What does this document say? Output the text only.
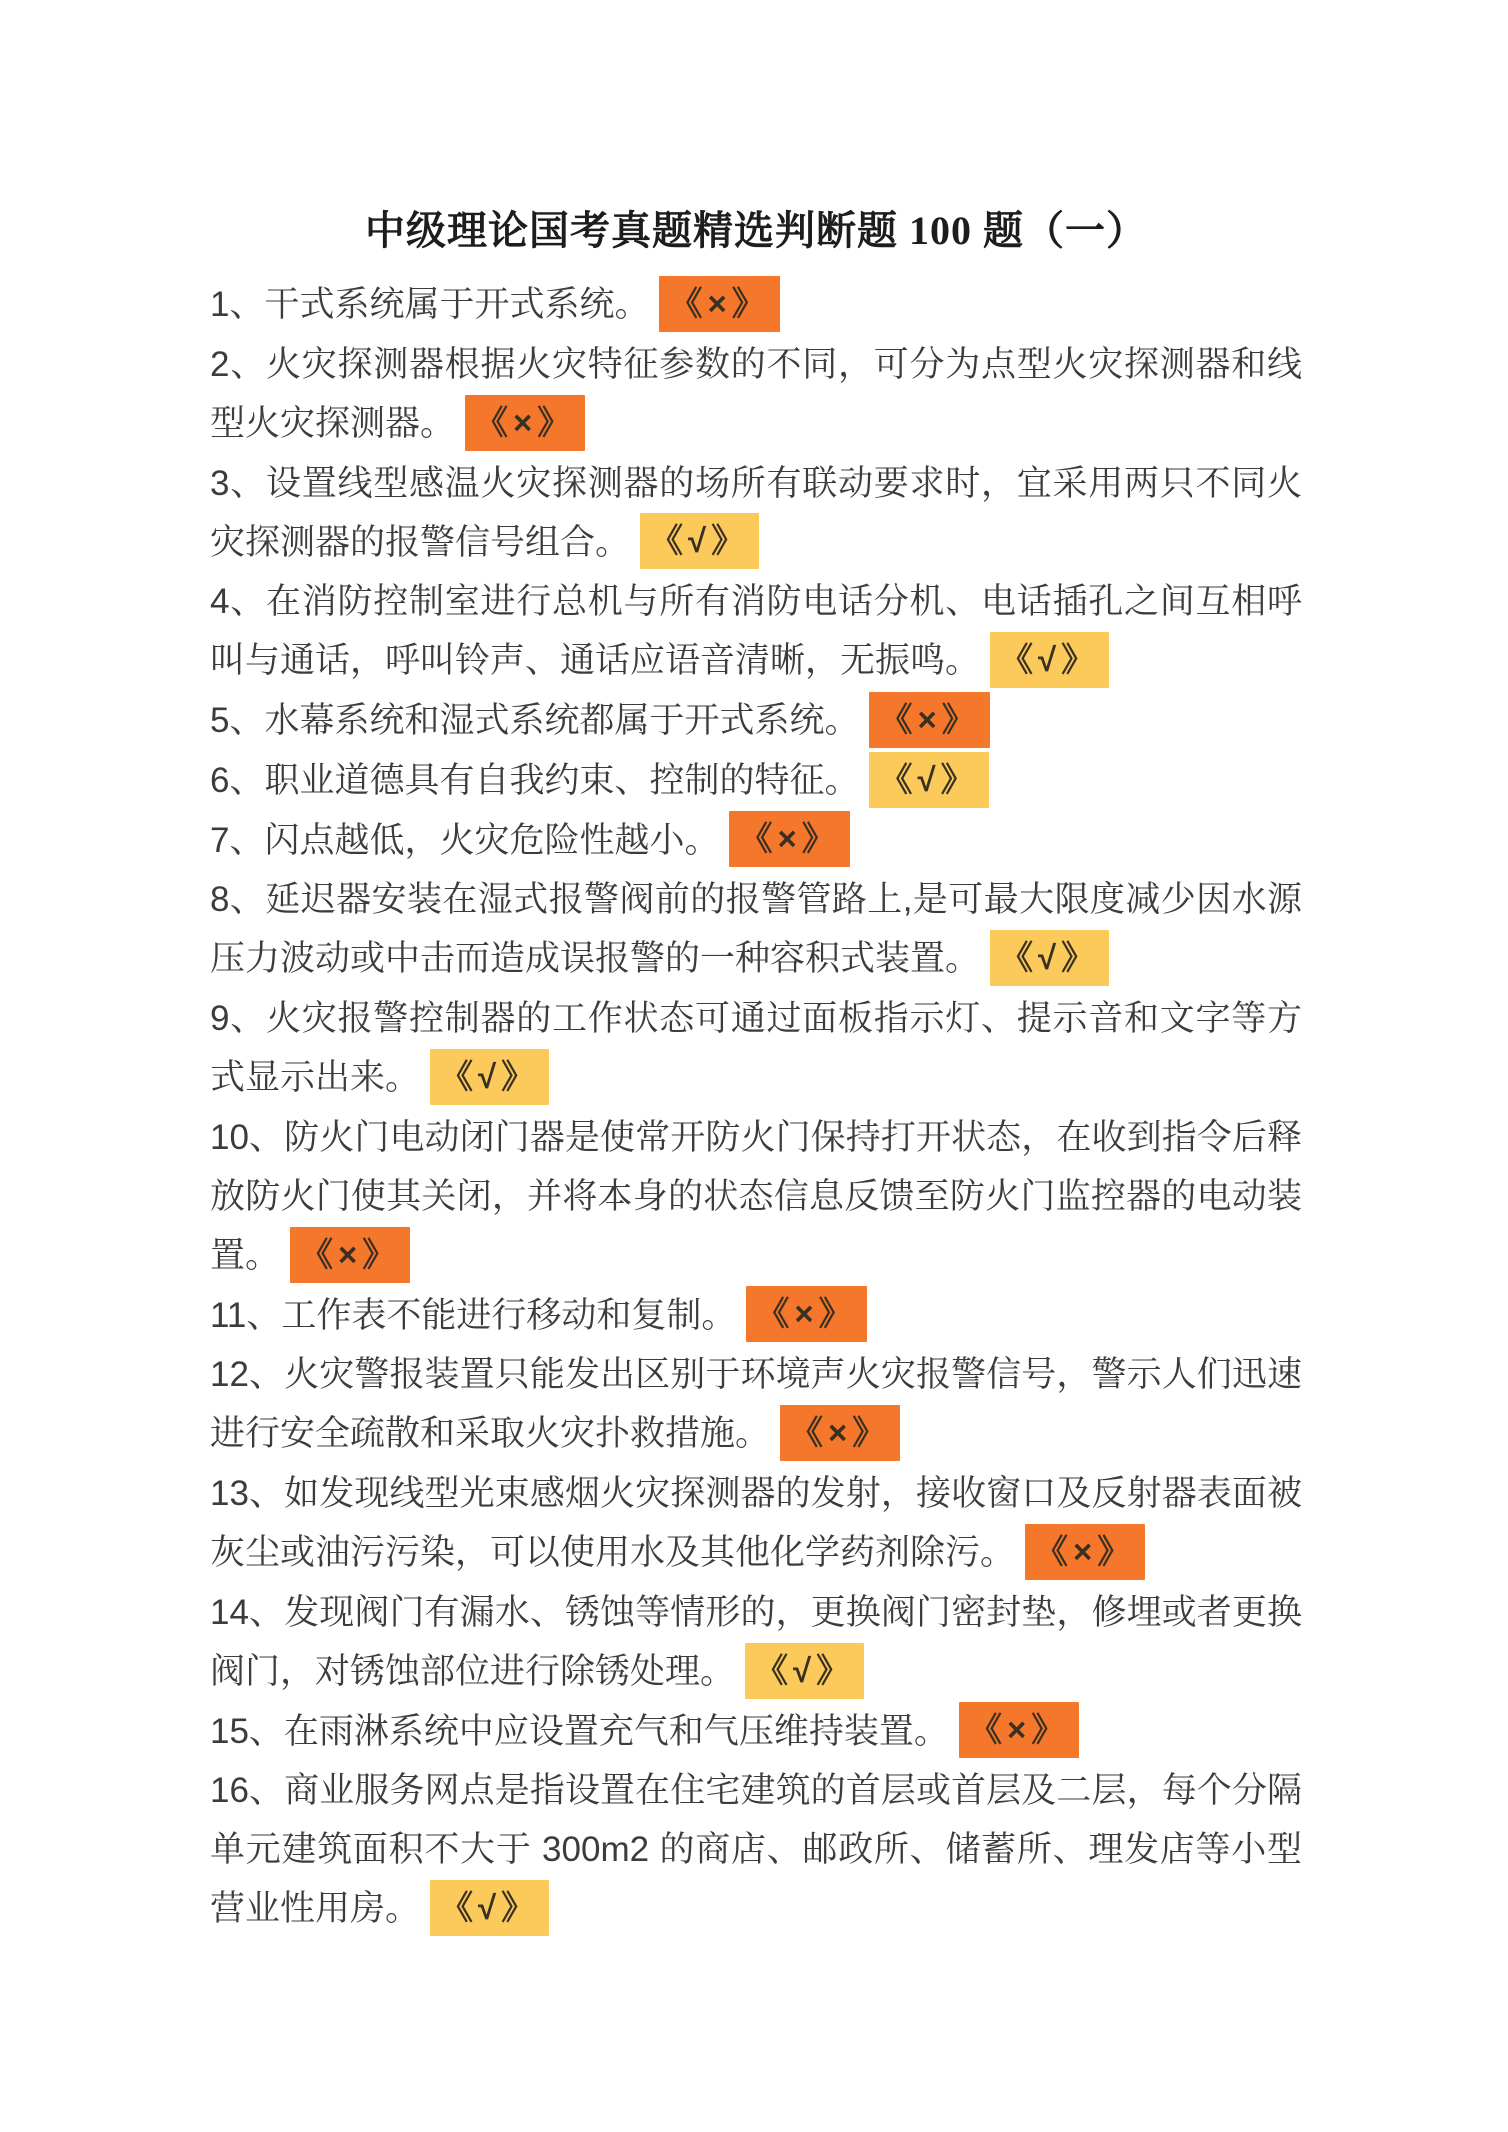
中级理论国考真题精选判断题 100 题（一）

1、干式系统属于开式系统。 《×》

2、火灾探测器根据火灾特征参数的不同，可分为点型火灾探测器和线型火灾探测器。 《×》

3、设置线型感温火灾探测器的场所有联动要求时，宜采用两只不同火灾探测器的报警信号组合。 《√》

4、在消防控制室进行总机与所有消防电话分机、电话插孔之间互相呼叫与通话，呼叫铃声、通话应语音清晰，无振鸣。 《√》

5、水幕系统和湿式系统都属于开式系统。 《×》

6、职业道德具有自我约束、控制的特征。 《√》

7、闪点越低，火灾危险性越小。 《×》

8、延迟器安装在湿式报警阀前的报警管路上,是可最大限度减少因水源压力波动或中击而造成误报警的一种容积式装置。 《√》

9、火灾报警控制器的工作状态可通过面板指示灯、提示音和文字等方式显示出来。 《√》

10、防火门电动闭门器是使常开防火门保持打开状态，在收到指令后释放防火门使其关闭，并将本身的状态信息反馈至防火门监控器的电动装置。 《×》

11、工作表不能进行移动和复制。 《×》

12、火灾警报装置只能发出区别于环境声火灾报警信号，警示人们迅速进行安全疏散和采取火灾扑救措施。 《×》

13、如发现线型光束感烟火灾探测器的发射，接收窗口及反射器表面被灰尘或油污污染，可以使用水及其他化学药剂除污。 《×》

14、发现阀门有漏水、锈蚀等情形的，更换阀门密封垫，修埋或者更换阀门，对锈蚀部位进行除锈处理。 《√》

15、在雨淋系统中应设置充气和气压维持装置。 《×》

16、商业服务网点是指设置在住宅建筑的首层或首层及二层，每个分隔单元建筑面积不大于 300m2 的商店、邮政所、储蓄所、理发店等小型营业性用房。 《√》
